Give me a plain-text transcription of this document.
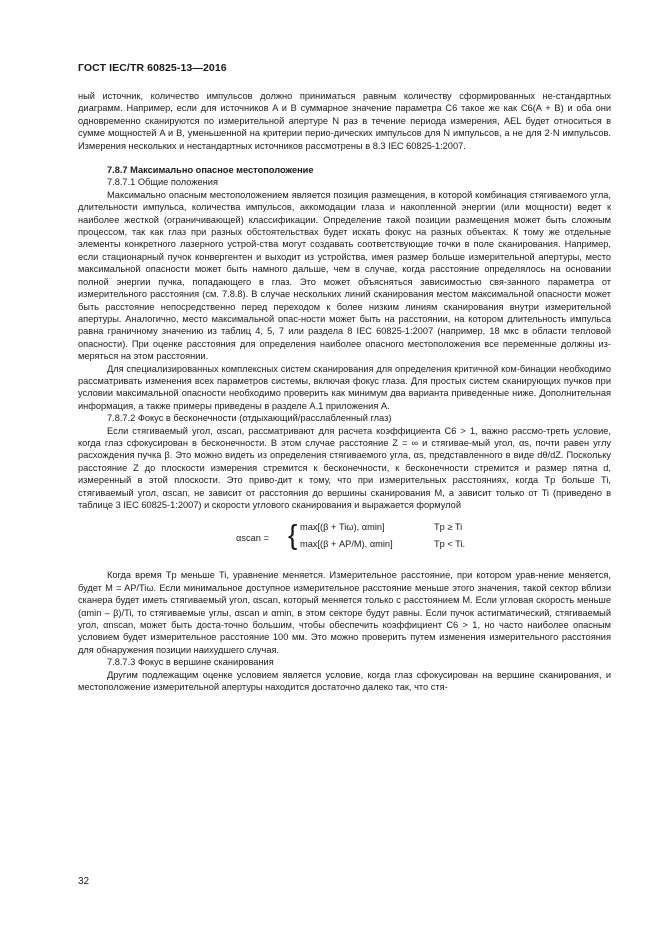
ГОСТ IEC/TR 60825-13—2016

ный источник, количество импульсов должно приниматься равным количеству сформированных не-стандартных диаграмм. Например, если для источников A и B суммарное значение параметра C6 такое же как C6(A + B) и оба они одновременно сканируются по измерительной апертуре N раз в течение периода измерения, AEL будет относиться в сумме мощностей A и B, уменьшенной на критерии перио-дических импульсов для N импульсов, а не для 2·N импульсов. Измерения нескольких и нестандартных источников рассмотрены в 8.3 IEC 60825-1:2007.

7.8.7 Максимально опасное местоположение

7.8.7.1 Общие положения

Максимально опасным местоположением является позиция размещения, в которой комбинация стягиваемого угла, длительности импульса, количества импульсов, аккомодации глаза и накопленной энергии (или мощности) ведет к наиболее жесткой (ограничивающей) классификации. Определение такой позиции размещения может быть сложным процессом, так как глаз при разных обстоятельствах будет искать фокус на разных объектах. К тому же отдельные элементы конкретного лазерного устрой-ства могут создавать соответствующие точки в поле сканирования. Например, если стационарный пучок конвергентен и выходит из устройства, имея размер больше измерительной апертуры, место максимальной опасности может быть намного дальше, чем в случае, когда расстояние определялось на основании полной энергии пучка, попадающего в глаз. Это может объясняться зависимостью свя-занного параметра от измерительного расстояния (см. 7.8.8). В случае нескольких линий сканирования местом максимальной опасности может быть расстояние непосредственно перед переходом к более низким линиям сканирования внутри измерительной апертуры. Аналогично, место максимальной опас-ности может быть на расстоянии, на котором длительность импульса равна граничному значению из таблиц 4, 5, 7 или раздела 8 IEC 60825-1:2007 (например, 18 мкс в области тепловой опасности). При оценке расстояния для определения наиболее опасного местоположения все переменные должны из-меряться на этом расстоянии.

Для специализированных комплексных систем сканирования для определения критичной ком-бинации необходимо рассматривать изменения всех параметров системы, включая фокус глаза. Для простых систем сканирующих пучков при условии максимальной опасности необходимо проверить как минимум два варианта приведенные ниже. Дополнительная информация, а также примеры приведены в разделе A.1 приложения A.

7.8.7.2 Фокус в бесконечности (отдыхающий/расслабленный глаз)

Если стягиваемый угол, αscan, рассматривают для расчета коэффициента C6 > 1, важно рассмо-треть условие, когда глаз сфокусирован в бесконечности. В этом случае расстояние Z = ∞ и стягивае-мый угол, αs, почти равен углу расхождения пучка β. Это можно видеть из определения стягиваемого угла, αs, представленного в виде dθ/dZ. Поскольку расстояние Z до плоскости измерения стремится к бесконечности, к бесконечности стремится и размер пятна d, измеренный в этой плоскости. Это приво-дит к тому, что при измерительных расстояниях, когда Tp больше Ti, стягиваемый угол, αscan, не зависит от расстояния до вершины сканирования M, а зависит только от Ti (приведено в таблице 3 IEC 60825-1:2007) и скорости углового сканирования и выражается формулой

αscan = { max[(β + Tiω), αmin]
max[(β + AP/M), αmin]
Tp ≥ Ti
Tp < Ti.

Когда время Tp меньше Ti, уравнение меняется. Измерительное расстояние, при котором урав-нение меняется, будет M = AP/Tiω. Если минимальное доступное измерительное расстояние меньше этого значения, такой сектор вблизи сканера будет иметь стягиваемый угол, αscan, который меняется только с расстоянием M. Если угловая скорость меньше (αmin – β)/Ti, то стягиваемые углы, αscan и αmin, в этом секторе будут равны. Если пучок астигматический, стягиваемый угол, αnscan, может быть доста-точно большим, чтобы обеспечить коэффициент C6 > 1, но часто наиболее опасным условием будет измерительное расстояние 100 мм. Это можно проверить путем изменения измерительного расстояния для обнаружения позиции наихудшего случая.

7.8.7.3 Фокус в вершине сканирования

Другим подлежащим оценке условием является условие, когда глаз сфокусирован на вершине сканирования, и местоположение измерительной апертуры находится достаточно далеко так, что стя-

32
